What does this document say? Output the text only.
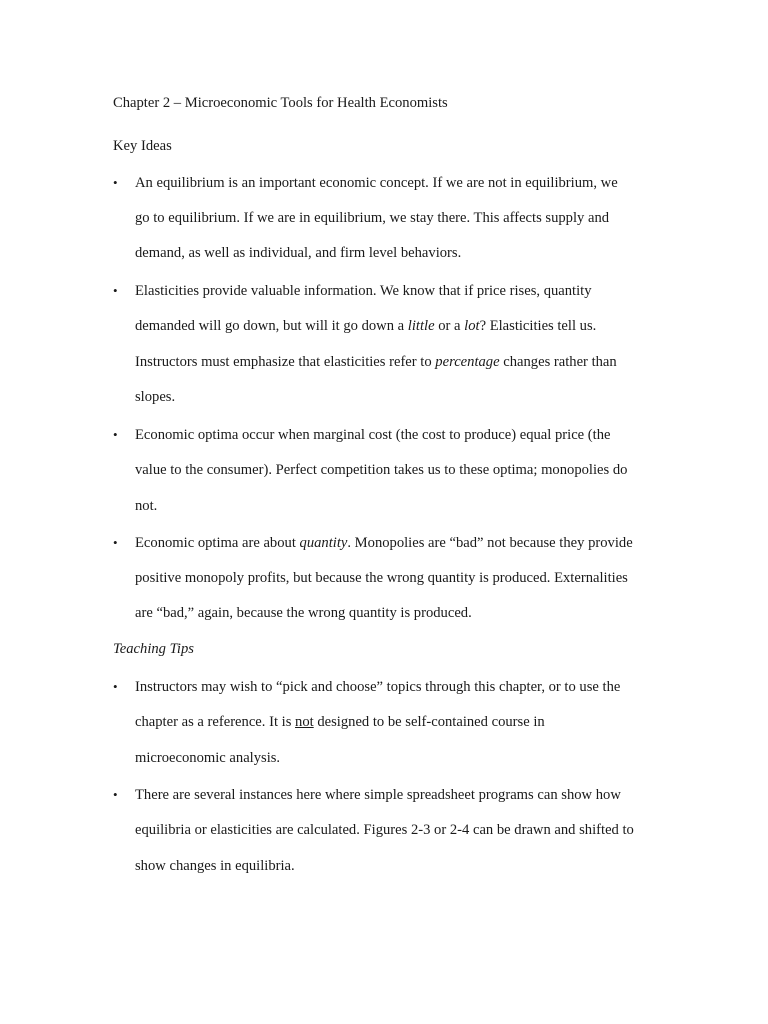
Chapter 2 – Microeconomic Tools for Health Economists
Key Ideas
• An equilibrium is an important economic concept. If we are not in equilibrium, we
go to equilibrium. If we are in equilibrium, we stay there. This affects supply and
demand, as well as individual, and firm level behaviors.
• Elasticities provide valuable information. We know that if price rises, quantity
demanded will go down, but will it go down a little or a lot? Elasticities tell us.
Instructors must emphasize that elasticities refer to percentage changes rather than
slopes.
• Economic optima occur when marginal cost (the cost to produce) equal price (the
value to the consumer). Perfect competition takes us to these optima; monopolies do
not.
• Economic optima are about quantity. Monopolies are “bad” not because they provide
positive monopoly profits, but because the wrong quantity is produced. Externalities
are “bad,” again, because the wrong quantity is produced.
Teaching Tips
• Instructors may wish to “pick and choose” topics through this chapter, or to use the
chapter as a reference. It is not designed to be self-contained course in
microeconomic analysis.
• There are several instances here where simple spreadsheet programs can show how
equilibria or elasticities are calculated. Figures 2-3 or 2-4 can be drawn and shifted to
show changes in equilibria.
